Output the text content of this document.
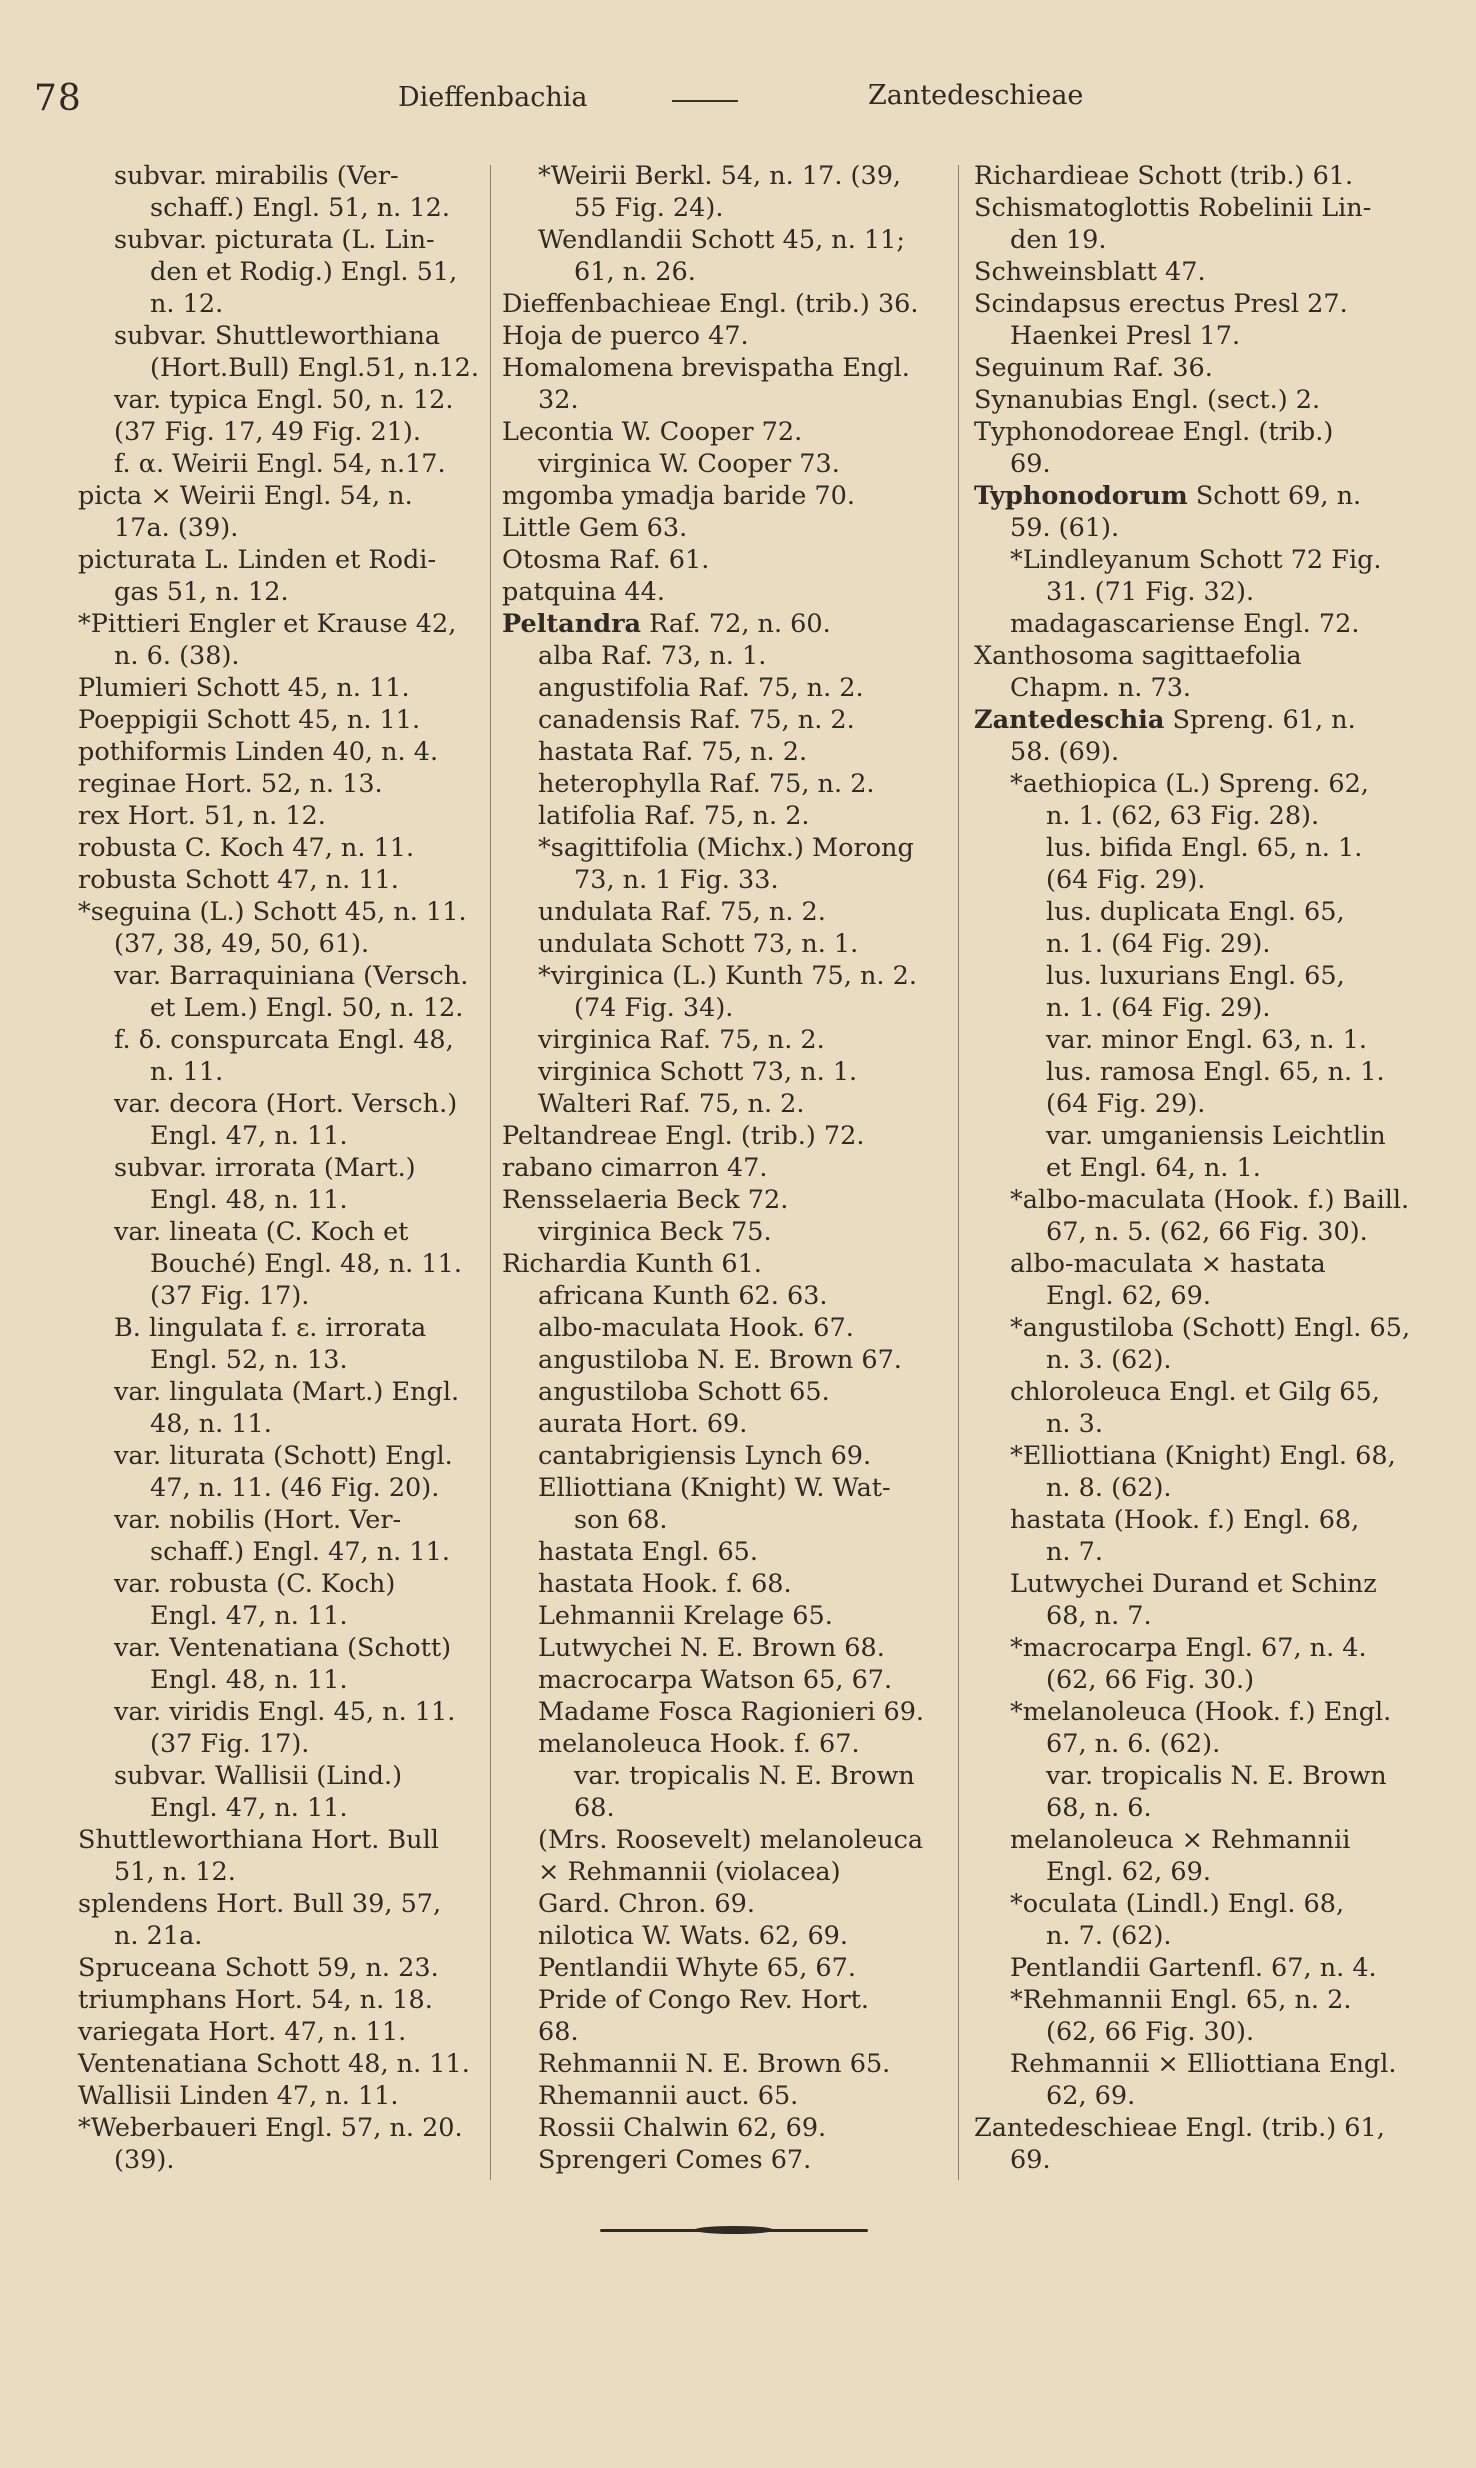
78	Dieffenbachia	Zantedeschieae
subvar. mirabilis (Ver-
schaff.) Engl. 51, n. 12.
subvar. picturata (L. Lin-
den et Rodig.) Engl. 51,
n. 12.
subvar. Shuttleworthiana
(Hort.Bull) Engl.51, n.12.
var. typica Engl. 50, n. 12.
(37 Fig. 17, 49 Fig. 21).
f. α. Weirii Engl. 54, n.17.
picta × Weirii Engl. 54, n.
17a. (39).
picturata L. Linden et Rodi-
gas 51, n. 12.
*Pittieri Engler et Krause 42,
n. 6. (38).
Plumieri Schott 45, n. 11.
Poeppigii Schott 45, n. 11.
pothiformis Linden 40, n. 4.
reginae Hort. 52, n. 13.
rex Hort. 51, n. 12.
robusta C. Koch 47, n. 11.
robusta Schott 47, n. 11.
*seguina (L.) Schott 45, n. 11.
(37, 38, 49, 50, 61).
var. Barraquiniana (Versch.
et Lem.) Engl. 50, n. 12.
f. δ. conspurcata Engl. 48,
n. 11.
var. decora (Hort. Versch.)
Engl. 47, n. 11.
subvar. irrorata (Mart.)
Engl. 48, n. 11.
var. lineata (C. Koch et
Bouché) Engl. 48, n. 11.
(37 Fig. 17).
B. lingulata f. ε. irrorata
Engl. 52, n. 13.
var. lingulata (Mart.) Engl.
48, n. 11.
var. liturata (Schott) Engl.
47, n. 11. (46 Fig. 20).
var. nobilis (Hort. Ver-
schaff.) Engl. 47, n. 11.
var. robusta (C. Koch)
Engl. 47, n. 11.
var. Ventenatiana (Schott)
Engl. 48, n. 11.
var. viridis Engl. 45, n. 11.
(37 Fig. 17).
subvar. Wallisii (Lind.)
Engl. 47, n. 11.
Shuttleworthiana Hort. Bull
51, n. 12.
splendens Hort. Bull 39, 57,
n. 21a.
Spruceana Schott 59, n. 23.
triumphans Hort. 54, n. 18.
variegata Hort. 47, n. 11.
Ventenatiana Schott 48, n. 11.
Wallisii Linden 47, n. 11.
*Weberbaueri Engl. 57, n. 20.
(39).
*Weirii Berkl. 54, n. 17. (39,
55 Fig. 24).
Wendlandii Schott 45, n. 11;
61, n. 26.
Dieffenbachieae Engl. (trib.) 36.
Hoja de puerco 47.
Homalomena brevispatha Engl.
32.
Lecontia W. Cooper 72.
virginica W. Cooper 73.
mgomba ymadja baride 70.
Little Gem 63.
Otosma Raf. 61.
patquina 44.
Peltandra Raf. 72, n. 60.
alba Raf. 73, n. 1.
angustifolia Raf. 75, n. 2.
canadensis Raf. 75, n. 2.
hastata Raf. 75, n. 2.
heterophylla Raf. 75, n. 2.
latifolia Raf. 75, n. 2.
*sagittifolia (Michx.) Morong
73, n. 1 Fig. 33.
undulata Raf. 75, n. 2.
undulata Schott 73, n. 1.
*virginica (L.) Kunth 75, n. 2.
(74 Fig. 34).
virginica Raf. 75, n. 2.
virginica Schott 73, n. 1.
Walteri Raf. 75, n. 2.
Peltandreae Engl. (trib.) 72.
rabano cimarron 47.
Rensselaeria Beck 72.
virginica Beck 75.
Richardia Kunth 61.
africana Kunth 62. 63.
albo-maculata Hook. 67.
angustiloba N. E. Brown 67.
angustiloba Schott 65.
aurata Hort. 69.
cantabrigiensis Lynch 69.
Elliottiana (Knight) W. Wat-
son 68.
hastata Engl. 65.
hastata Hook. f. 68.
Lehmannii Krelage 65.
Lutwychei N. E. Brown 68.
macrocarpa Watson 65, 67.
Madame Fosca Ragionieri 69.
melanoleuca Hook. f. 67.
var. tropicalis N. E. Brown
68.
(Mrs. Roosevelt) melanoleuca
× Rehmannii (violacea)
Gard. Chron. 69.
nilotica W. Wats. 62, 69.
Pentlandii Whyte 65, 67.
Pride of Congo Rev. Hort.
68.
Rehmannii N. E. Brown 65.
Rhemannii auct. 65.
Rossii Chalwin 62, 69.
Sprengeri Comes 67.
Richardieae Schott (trib.) 61.
Schismatoglottis Robelinii Lin-
den 19.
Schweinsblatt 47.
Scindapsus erectus Presl 27.
Haenkei Presl 17.
Seguinum Raf. 36.
Synanubias Engl. (sect.) 2.
Typhonodoreae Engl. (trib.)
69.
Typhonodorum Schott 69, n.
59. (61).
*Lindleyanum Schott 72 Fig.
31. (71 Fig. 32).
madagascariense Engl. 72.
Xanthosoma sagittaefolia
Chapm. n. 73.
Zantedeschia Spreng. 61, n.
58. (69).
*aethiopica (L.) Spreng. 62,
n. 1. (62, 63 Fig. 28).
lus. bifida Engl. 65, n. 1.
(64 Fig. 29).
lus. duplicata Engl. 65,
n. 1. (64 Fig. 29).
lus. luxurians Engl. 65,
n. 1. (64 Fig. 29).
var. minor Engl. 63, n. 1.
lus. ramosa Engl. 65, n. 1.
(64 Fig. 29).
var. umganiensis Leichtlin
et Engl. 64, n. 1.
*albo-maculata (Hook. f.) Baill.
67, n. 5. (62, 66 Fig. 30).
albo-maculata × hastata
Engl. 62, 69.
*angustiloba (Schott) Engl. 65,
n. 3. (62).
chloroleuca Engl. et Gilg 65,
n. 3.
*Elliottiana (Knight) Engl. 68,
n. 8. (62).
hastata (Hook. f.) Engl. 68,
n. 7.
Lutwychei Durand et Schinz
68, n. 7.
*macrocarpa Engl. 67, n. 4.
(62, 66 Fig. 30.)
*melanoleuca (Hook. f.) Engl.
67, n. 6. (62).
var. tropicalis N. E. Brown
68, n. 6.
melanoleuca × Rehmannii
Engl. 62, 69.
*oculata (Lindl.) Engl. 68,
n. 7. (62).
Pentlandii Gartenfl. 67, n. 4.
*Rehmannii Engl. 65, n. 2.
(62, 66 Fig. 30).
Rehmannii × Elliottiana Engl.
62, 69.
Zantedeschieae Engl. (trib.) 61,
69.
